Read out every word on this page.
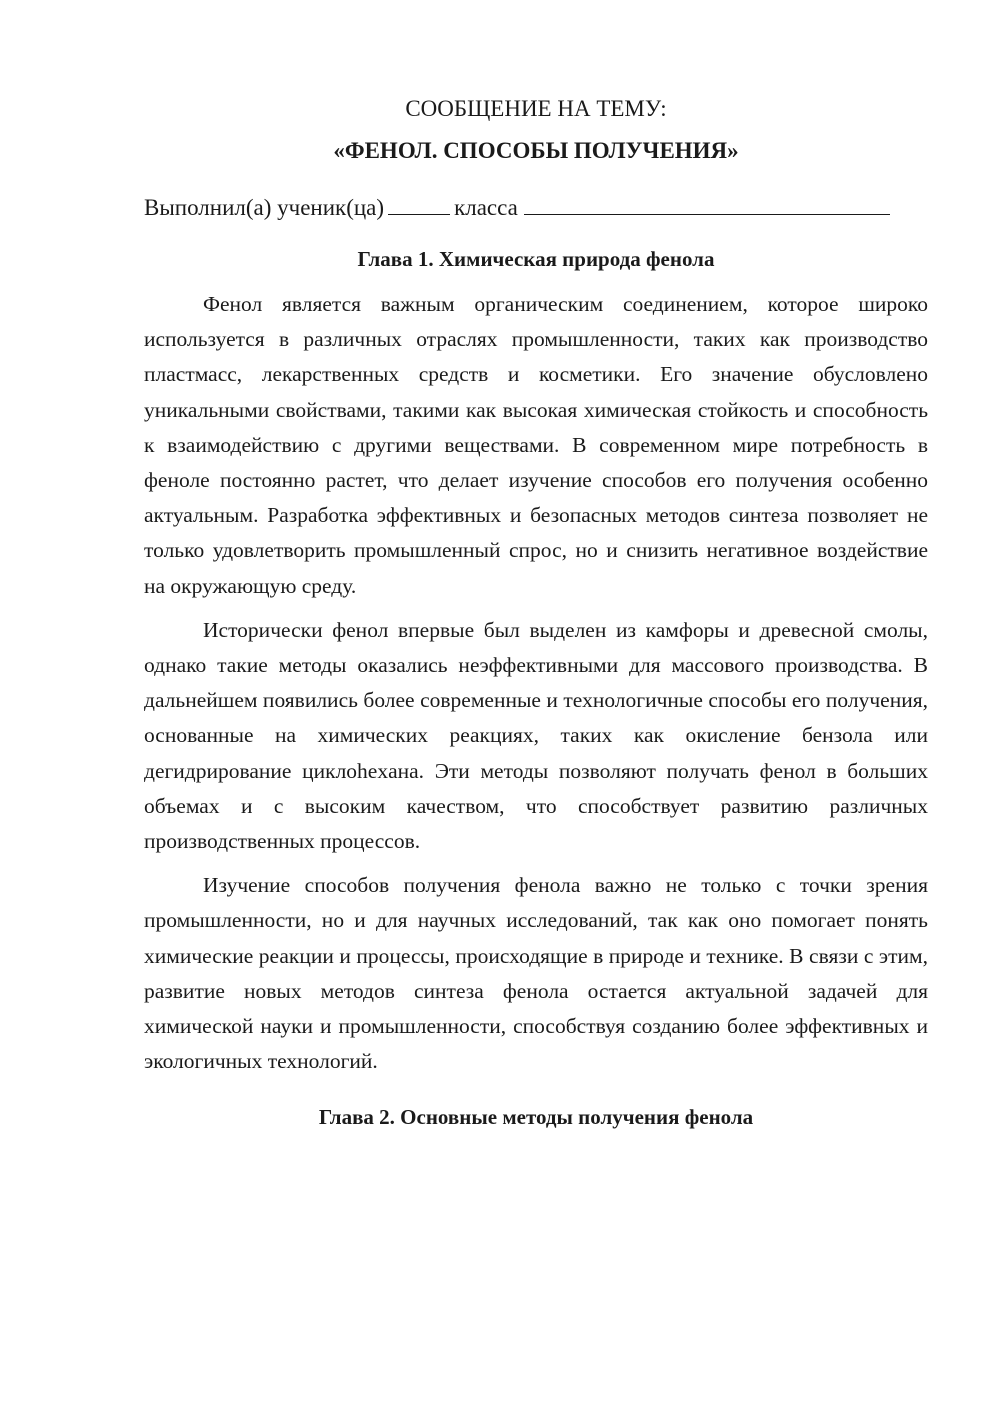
СООБЩЕНИЕ НА ТЕМУ:

«ФЕНОЛ. СПОСОБЫ ПОЛУЧЕНИЯ»

Выполнил(а) ученик(ца)	класса

Глава 1. Химическая природа фенола

Фенол является важным органическим соединением, которое широко используется в различных отраслях промышленности, таких как производство пластмасс, лекарственных средств и косметики. Его значение обусловлено уникальными свойствами, такими как высокая химическая стойкость и способность к взаимодействию с другими веществами. В современном мире потребность в феноле постоянно растет, что делает изучение способов его получения особенно актуальным. Разработка эффективных и безопасных методов синтеза позволяет не только удовлетворить промышленный спрос, но и снизить негативное воздействие на окружающую среду.

Исторически фенол впервые был выделен из камфоры и древесной смолы, однако такие методы оказались неэффективными для массового производства. В дальнейшем появились более современные и технологичные способы его получения, основанные на химических реакциях, таких как окисление бензола или дегидрирование циклоhexана. Эти методы позволяют получать фенол в больших объемах и с высоким качеством, что способствует развитию различных производственных процессов.

Изучение способов получения фенола важно не только с точки зрения промышленности, но и для научных исследований, так как оно помогает понять химические реакции и процессы, происходящие в природе и технике. В связи с этим, развитие новых методов синтеза фенола остается актуальной задачей для химической науки и промышленности, способствуя созданию более эффективных и экологичных технологий.

Глава 2. Основные методы получения фенола
